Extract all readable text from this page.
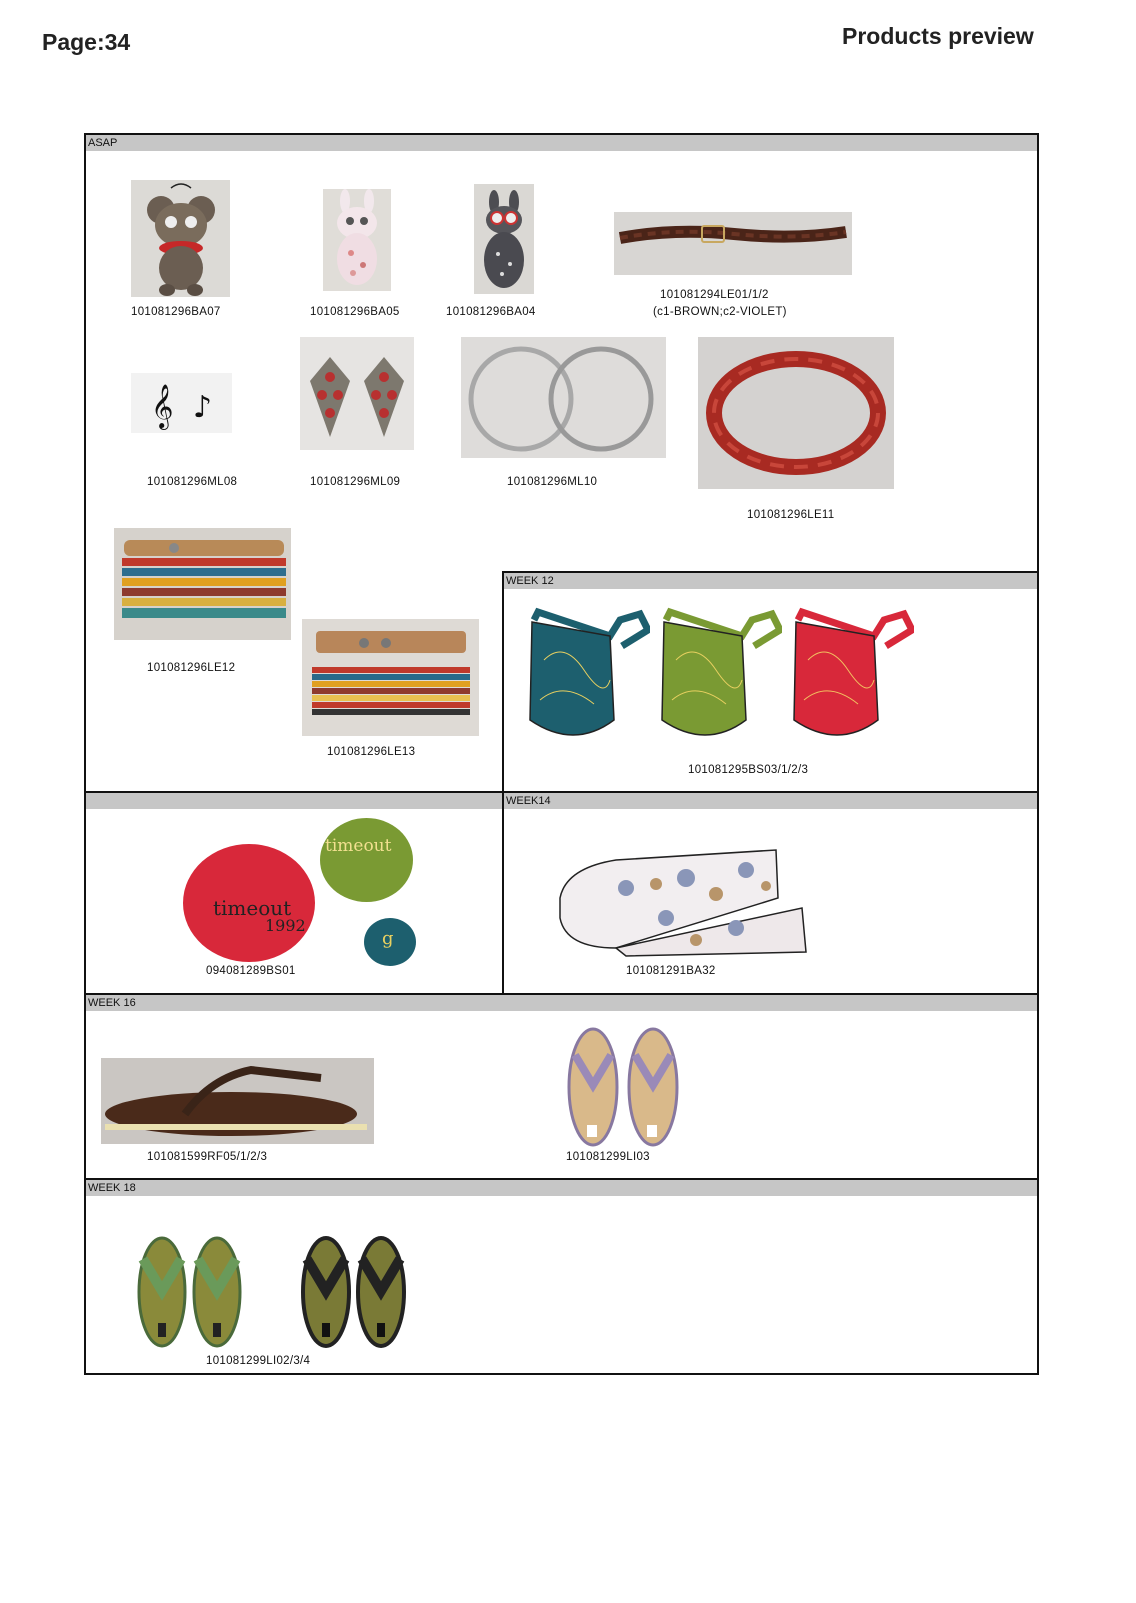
Page:34	Products preview
ASAP
WEEK 12
WEEK14
WEEK 16
WEEK 18
101081296BA07	101081296BA05	101081296BA04
101081294LE01/1/2
(c1-BROWN;c2-VIOLET)
𝄞 ♪
101081296ML08	101081296ML09	101081296ML10
101081296LE11
101081296LE12
101081296LE13
101081295BS03/1/2/3
timeout
1992
timeout
g
094081289BS01	101081291BA32
101081599RF05/1/2/3	101081299LI03
101081299LI02/3/4
